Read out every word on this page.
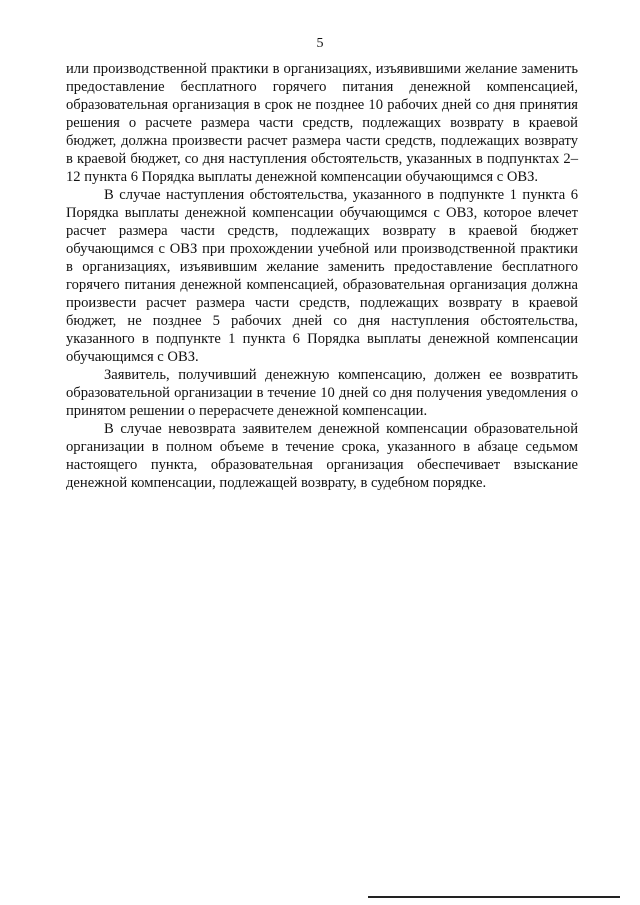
5

или производственной практики в организациях, изъявившими желание заменить предоставление бесплатного горячего питания денежной компенсацией, образовательная организация в срок не позднее 10 рабочих дней со дня принятия решения о расчете размера части средств, подлежащих возврату в краевой бюджет, должна произвести расчет размера части средств, подлежащих возврату в краевой бюджет, со дня наступления обстоятельств, указанных в подпунктах 2–12 пункта 6 Порядка выплаты денежной компенсации обучающимся с ОВЗ.

В случае наступления обстоятельства, указанного в подпункте 1 пункта 6 Порядка выплаты денежной компенсации обучающимся с ОВЗ, которое влечет расчет размера части средств, подлежащих возврату в краевой бюджет обучающимся с ОВЗ при прохождении учебной или производственной практики в организациях, изъявившим желание заменить предоставление бесплатного горячего питания денежной компенсацией, образовательная организация должна произвести расчет размера части средств, подлежащих возврату в краевой бюджет, не позднее 5 рабочих дней со дня наступления обстоятельства, указанного в подпункте 1 пункта 6 Порядка выплаты денежной компенсации обучающимся с ОВЗ.

Заявитель, получивший денежную компенсацию, должен ее возвратить образовательной организации в течение 10 дней со дня получения уведомления о принятом решении о перерасчете денежной компенсации.

В случае невозврата заявителем денежной компенсации образовательной организации в полном объеме в течение срока, указанного в абзаце седьмом настоящего пункта, образовательная организация обеспечивает взыскание денежной компенсации, подлежащей возврату, в судебном порядке.
